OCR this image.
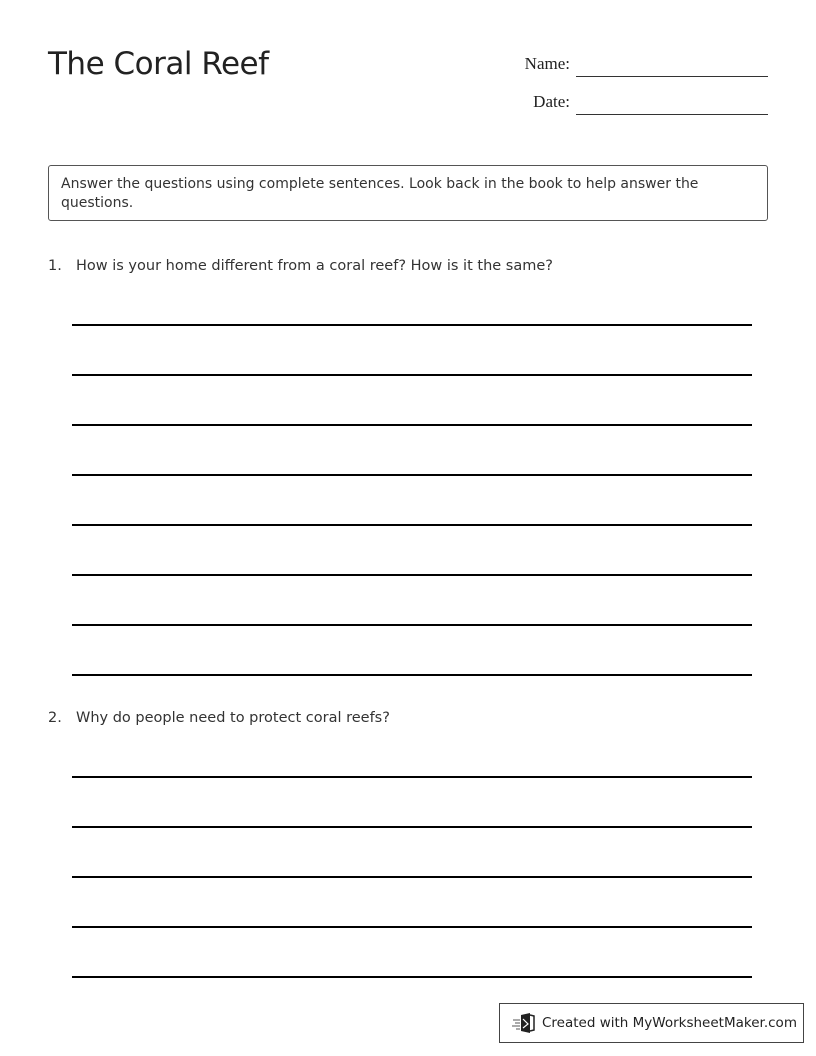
The Coral Reef	Name:
Date:
Answer the questions using complete sentences. Look back in the book to help answer the questions.
1. How is your home different from a coral reef? How is it the same?
2. Why do people need to protect coral reefs?
Created with MyWorksheetMaker.com
